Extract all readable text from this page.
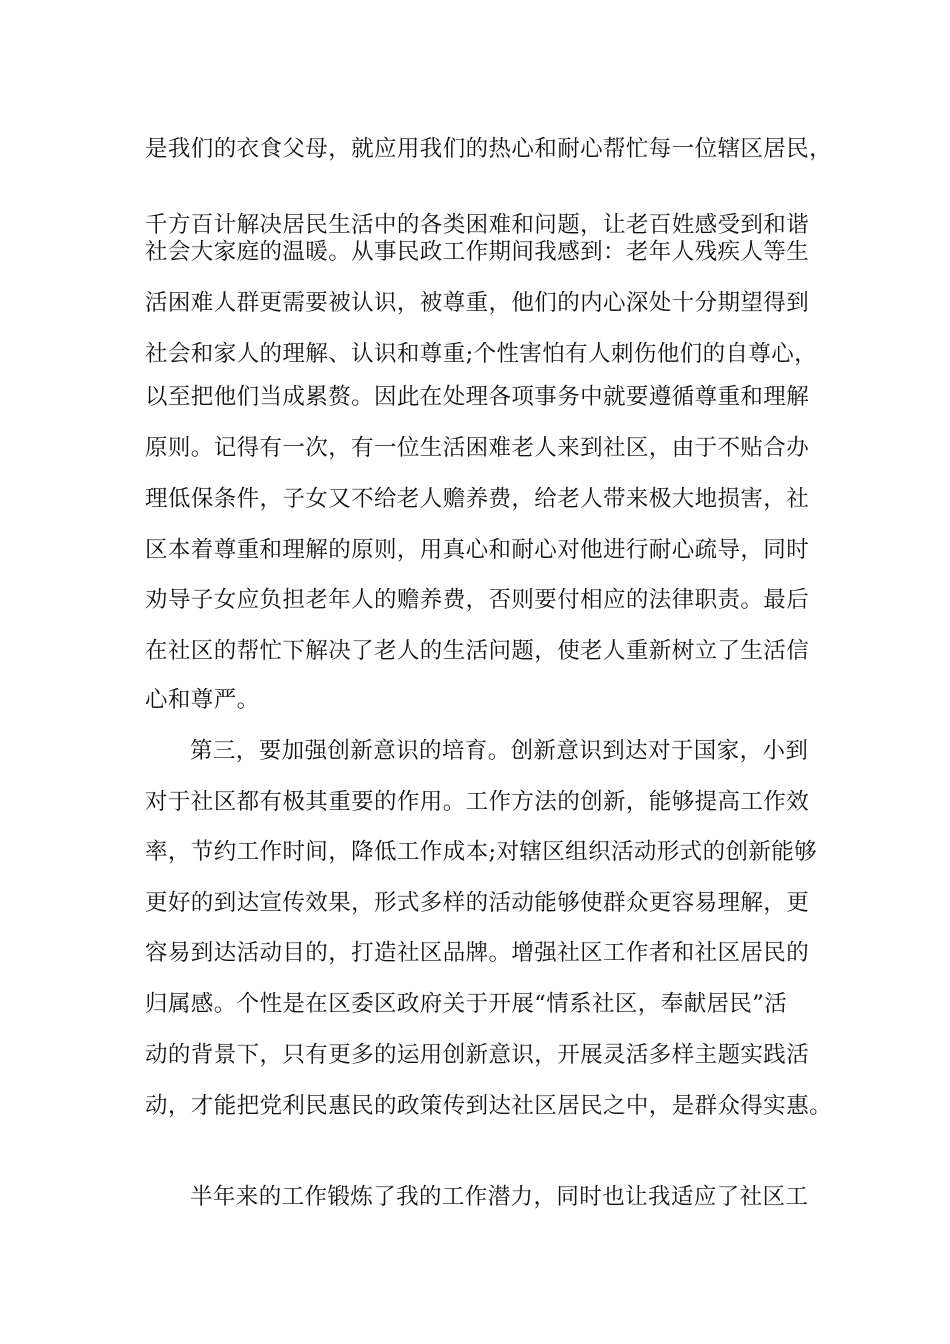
是我们的衣食父母，就应用我们的热心和耐心帮忙每一位辖区居民，
千方百计解决居民生活中的各类困难和问题，让老百姓感受到和谐
社会大家庭的温暖。从事民政工作期间我感到：老年人残疾人等生
活困难人群更需要被认识，被尊重，他们的内心深处十分期望得到
社会和家人的理解、认识和尊重;个性害怕有人刺伤他们的自尊心，
以至把他们当成累赘。因此在处理各项事务中就要遵循尊重和理解
原则。记得有一次，有一位生活困难老人来到社区，由于不贴合办
理低保条件，子女又不给老人赡养费，给老人带来极大地损害，社
区本着尊重和理解的原则，用真心和耐心对他进行耐心疏导，同时
劝导子女应负担老年人的赡养费，否则要付相应的法律职责。最后
在社区的帮忙下解决了老人的生活问题，使老人重新树立了生活信
心和尊严。
第三，要加强创新意识的培育。创新意识到达对于国家，小到
对于社区都有极其重要的作用。工作方法的创新，能够提高工作效
率，节约工作时间，降低工作成本;对辖区组织活动形式的创新能够
更好的到达宣传效果，形式多样的活动能够使群众更容易理解，更
容易到达活动目的，打造社区品牌。增强社区工作者和社区居民的
归属感。个性是在区委区政府关于开展“情系社区，奉献居民”活
动的背景下，只有更多的运用创新意识，开展灵活多样主题实践活
动，才能把党利民惠民的政策传到达社区居民之中，是群众得实惠。
半年来的工作锻炼了我的工作潜力，同时也让我适应了社区工
